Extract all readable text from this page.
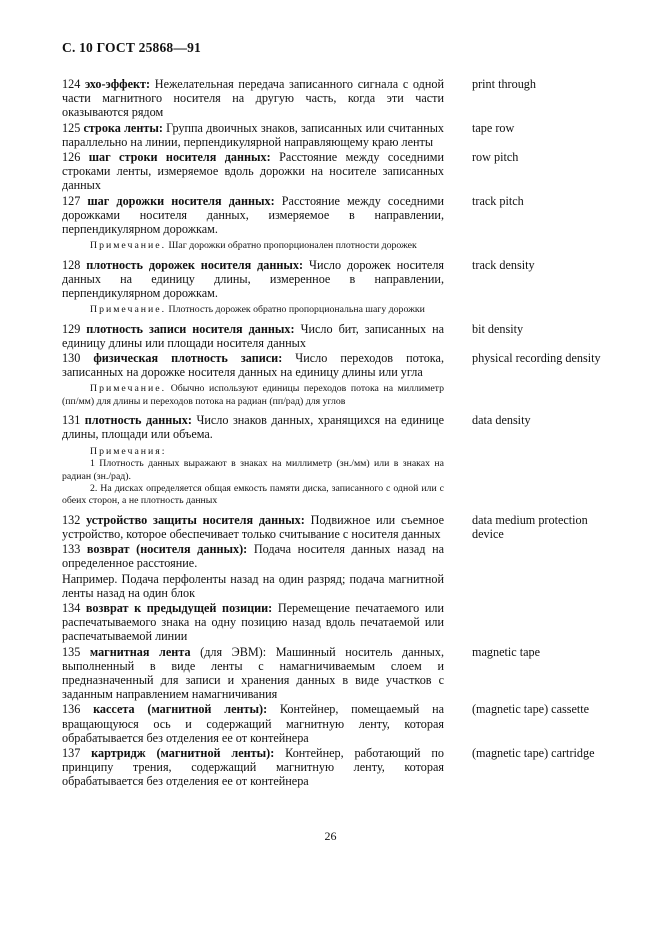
С. 10 ГОСТ 25868—91
124 эхо-эффект: Нежелательная передача записанного сигнала с одной части магнитного носителя на другую часть, когда эти части оказываются рядом
print through
125 строка ленты: Группа двоичных знаков, записанных или считанных параллельно на линии, перпендикулярной направляющему краю ленты
tape row
126 шаг строки носителя данных: Расстояние между соседними строками ленты, измеряемое вдоль дорожки на носителе записанных данных
row pitch
127 шаг дорожки носителя данных: Расстояние между соседними дорожками носителя данных, измеряемое в направлении, перпендикулярном дорожкам.
track pitch

Примечание. Шаг дорожки обратно пропорционален плотности дорожек

128 плотность дорожек носителя данных: Число дорожек носителя данных на единицу длины, измеренное в направлении, перпендикулярном дорожкам.
track density

Примечание. Плотность дорожек обратно пропорциональна шагу дорожки

129 плотность записи носителя данных: Число бит, записанных на единицу длины или площади носителя данных
bit density
130 физическая плотность записи: Число переходов потока, записанных на дорожке носителя данных на единицу длины или угла
physical recording density

Примечание. Обычно используют единицы переходов потока на миллиметр (пп/мм) для длины и переходов потока на радиан (пп/рад) для углов

131 плотность данных: Число знаков данных, хранящихся на единице длины, площади или объема.
data density

Примечания:

1 Плотность данных выражают в знаках на миллиметр (зн./мм) или в знаках на радиан (зн./рад).

2. На дисках определяется общая емкость памяти диска, записанного с одной или с обеих сторон, а не плотность данных

132 устройство защиты носителя данных: Подвижное или съемное устройство, которое обеспечивает только считывание с носителя данных
data medium protection device
133 возврат (носителя данных): Подача носителя данных назад на определенное расстояние.
Например. Подача перфоленты назад на один разряд; подача магнитной ленты назад на один блок
134 возврат к предыдущей позиции: Перемещение печатаемого или распечатываемого знака на одну позицию назад вдоль печатаемой или распечатываемой линии
135 магнитная лента (для ЭВМ): Машинный носитель данных, выполненный в виде ленты с намагничиваемым слоем и предназначенный для записи и хранения данных в виде участков с заданным направлением намагничивания
magnetic tape
136 кассета (магнитной ленты): Контейнер, помещаемый на вращающуюся ось и содержащий магнитную ленту, которая обрабатывается без отделения ее от контейнера
(magnetic tape) cassette
137 картридж (магнитной ленты): Контейнер, работающий по принципу трения, содержащий магнитную ленту, которая обрабатывается без отделения ее от контейнера
(magnetic tape) cartridge
26
